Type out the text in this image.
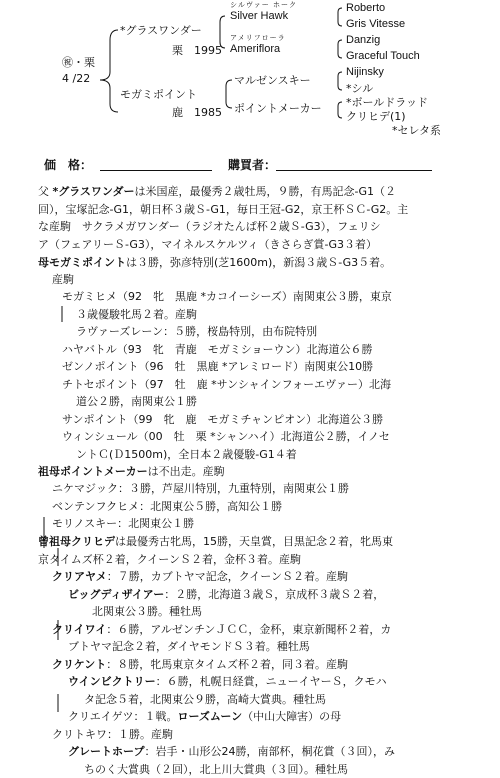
㊗・栗
4 /22
*グラスワンダー
栗　1995
モガミポイント
鹿　1985
シルヴァー ホーク
Silver Hawk
アメリフローラ
Ameriflora
マルゼンスキー
ポイントメーカー
Roberto
Gris Vitesse
Danzig
Graceful Touch
Nijinsky
*シル
*ボールドラッド
クリヒデ(1)
*セレタ系
価　格：	購買者：
父 *グラスワンダーは米国産，最優秀２歳牡馬，９勝，有馬記念-G1（２
回），宝塚記念-G1，朝日杯３歳Ｓ-G1，毎日王冠-G2，京王杯ＳＣ-G2。主
な産駒　サクラメガワンダー（ラジオたんぱ杯２歳Ｓ-G3），フェリシ
ア（フェアリーＳ-G3），マイネルスケルツィ（きさらぎ賞-G3３着）
母モガミポイントは３勝，弥彦特別(芝1600m)，新潟３歳Ｓ-G3５着。
産駒
モガミヒメ（92　牝　黒鹿 *カコイーシーズ）南関東公３勝，東京
３歳優駿牝馬２着。産駒
ラヴァーズレーン：５勝，桜島特別，由布院特別
ハヤバトル（93　牝　青鹿　モガミショーウン）北海道公６勝
ゼンノポイント（96　牡　黒鹿 *アレミロード）南関東公10勝
チトセポイント（97　牡　鹿 *サンシャインフォーエヴァー）北海
道公２勝，南関東公１勝
サンポイント（99　牝　鹿　モガミチャンピオン）北海道公３勝
ウィンシュール（00　牡　栗 *シャンハイ）北海道公２勝，イノセ
ントＣ(Ｄ1500m)，全日本２歳優駿-G1４着
祖母ポイントメーカーは不出走。産駒
ニケマジック：３勝，芦屋川特別，九重特別，南関東公１勝
ベンテンフクヒメ：北関東公５勝，高知公１勝
モリノスキー：北関東公１勝
曾祖母クリヒデは最優秀古牝馬，15勝，天皇賞，目黒記念２着，牝馬東
京タイムズ杯２着，クイーンＳ２着，金杯３着。産駒
クリアヤメ：７勝，カブトヤマ記念，クイーンＳ２着。産駒
ビッグディザイアー：２勝，北海道３歳Ｓ，京成杯３歳Ｓ２着，
北関東公３勝。種牡馬
クリイワイ：６勝，アルゼンチンＪＣＣ，金杯，東京新聞杯２着，カ
ブトヤマ記念２着，ダイヤモンドＳ３着。種牡馬
クリケント：８勝，牝馬東京タイムズ杯２着，同３着。産駒
ウインビクトリー：６勝，札幌日経賞，ニューイヤーＳ，クモハ
タ記念５着，北関東公９勝，高崎大賞典。種牡馬
クリエイゲツ：１戦。ローズムーン（中山大障害）の母
クリトキワ：１勝。産駒
グレートホープ：岩手・山形公24勝，南部杯，桐花賞（３回），み
ちのく大賞典（２回），北上川大賞典（３回）。種牡馬
